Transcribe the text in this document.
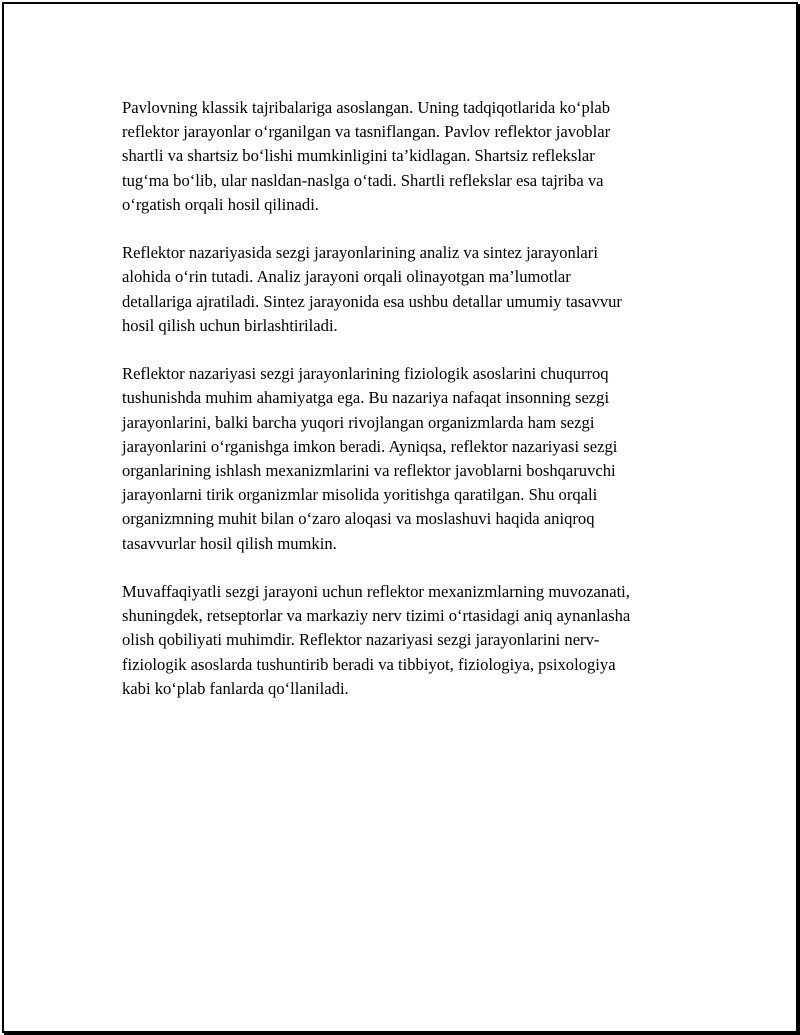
Pavlovning klassik tajribalariga asoslangan. Uning tadqiqotlarida ko‘plab
reflektor jarayonlar o‘rganilgan va tasniflangan. Pavlov reflektor javoblar
shartli va shartsiz bo‘lishi mumkinligini ta’kidlagan. Shartsiz reflekslar
tug‘ma bo‘lib, ular nasldan-naslga o‘tadi. Shartli reflekslar esa tajriba va
o‘rgatish orqali hosil qilinadi.

Reflektor nazariyasida sezgi jarayonlarining analiz va sintez jarayonlari
alohida o‘rin tutadi. Analiz jarayoni orqali olinayotgan ma’lumotlar
detallariga ajratiladi. Sintez jarayonida esa ushbu detallar umumiy tasavvur
hosil qilish uchun birlashtiriladi.

Reflektor nazariyasi sezgi jarayonlarining fiziologik asoslarini chuqurroq
tushunishda muhim ahamiyatga ega. Bu nazariya nafaqat insonning sezgi
jarayonlarini, balki barcha yuqori rivojlangan organizmlarda ham sezgi
jarayonlarini o‘rganishga imkon beradi. Ayniqsa, reflektor nazariyasi sezgi
organlarining ishlash mexanizmlarini va reflektor javoblarni boshqaruvchi
jarayonlarni tirik organizmlar misolida yoritishga qaratilgan. Shu orqali
organizmning muhit bilan o‘zaro aloqasi va moslashuvi haqida aniqroq
tasavvurlar hosil qilish mumkin.

Muvaffaqiyatli sezgi jarayoni uchun reflektor mexanizmlarning muvozanati,
shuningdek, retseptorlar va markaziy nerv tizimi o‘rtasidagi aniq aynanlasha
olish qobiliyati muhimdir. Reflektor nazariyasi sezgi jarayonlarini nerv-
fiziologik asoslarda tushuntirib beradi va tibbiyot, fiziologiya, psixologiya
kabi ko‘plab fanlarda qo‘llaniladi.
